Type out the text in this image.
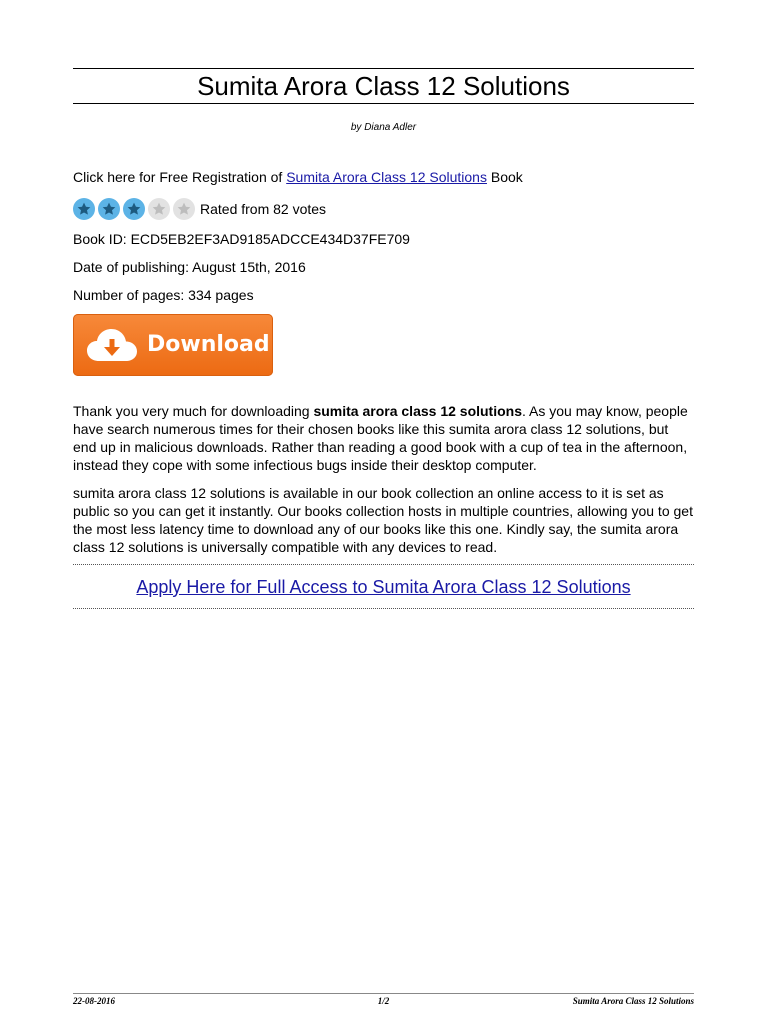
Sumita Arora Class 12 Solutions
by Diana Adler
Click here for Free Registration of Sumita Arora Class 12 Solutions Book
Rated from 82 votes
Book ID: ECD5EB2EF3AD9185ADCCE434D37FE709
Date of publishing: August 15th, 2016
Number of pages: 334 pages
Download

Thank you very much for downloading sumita arora class 12 solutions. As you may know, people have search numerous times for their chosen books like this sumita arora class 12 solutions, but end up in malicious downloads. Rather than reading a good book with a cup of tea in the afternoon, instead they cope with some infectious bugs inside their desktop computer.

sumita arora class 12 solutions is available in our book collection an online access to it is set as public so you can get it instantly. Our books collection hosts in multiple countries, allowing you to get the most less latency time to download any of our books like this one. Kindly say, the sumita arora class 12 solutions is universally compatible with any devices to read.

Apply Here for Full Access to Sumita Arora Class 12 Solutions
22-08-2016	1/2	Sumita Arora Class 12 Solutions
